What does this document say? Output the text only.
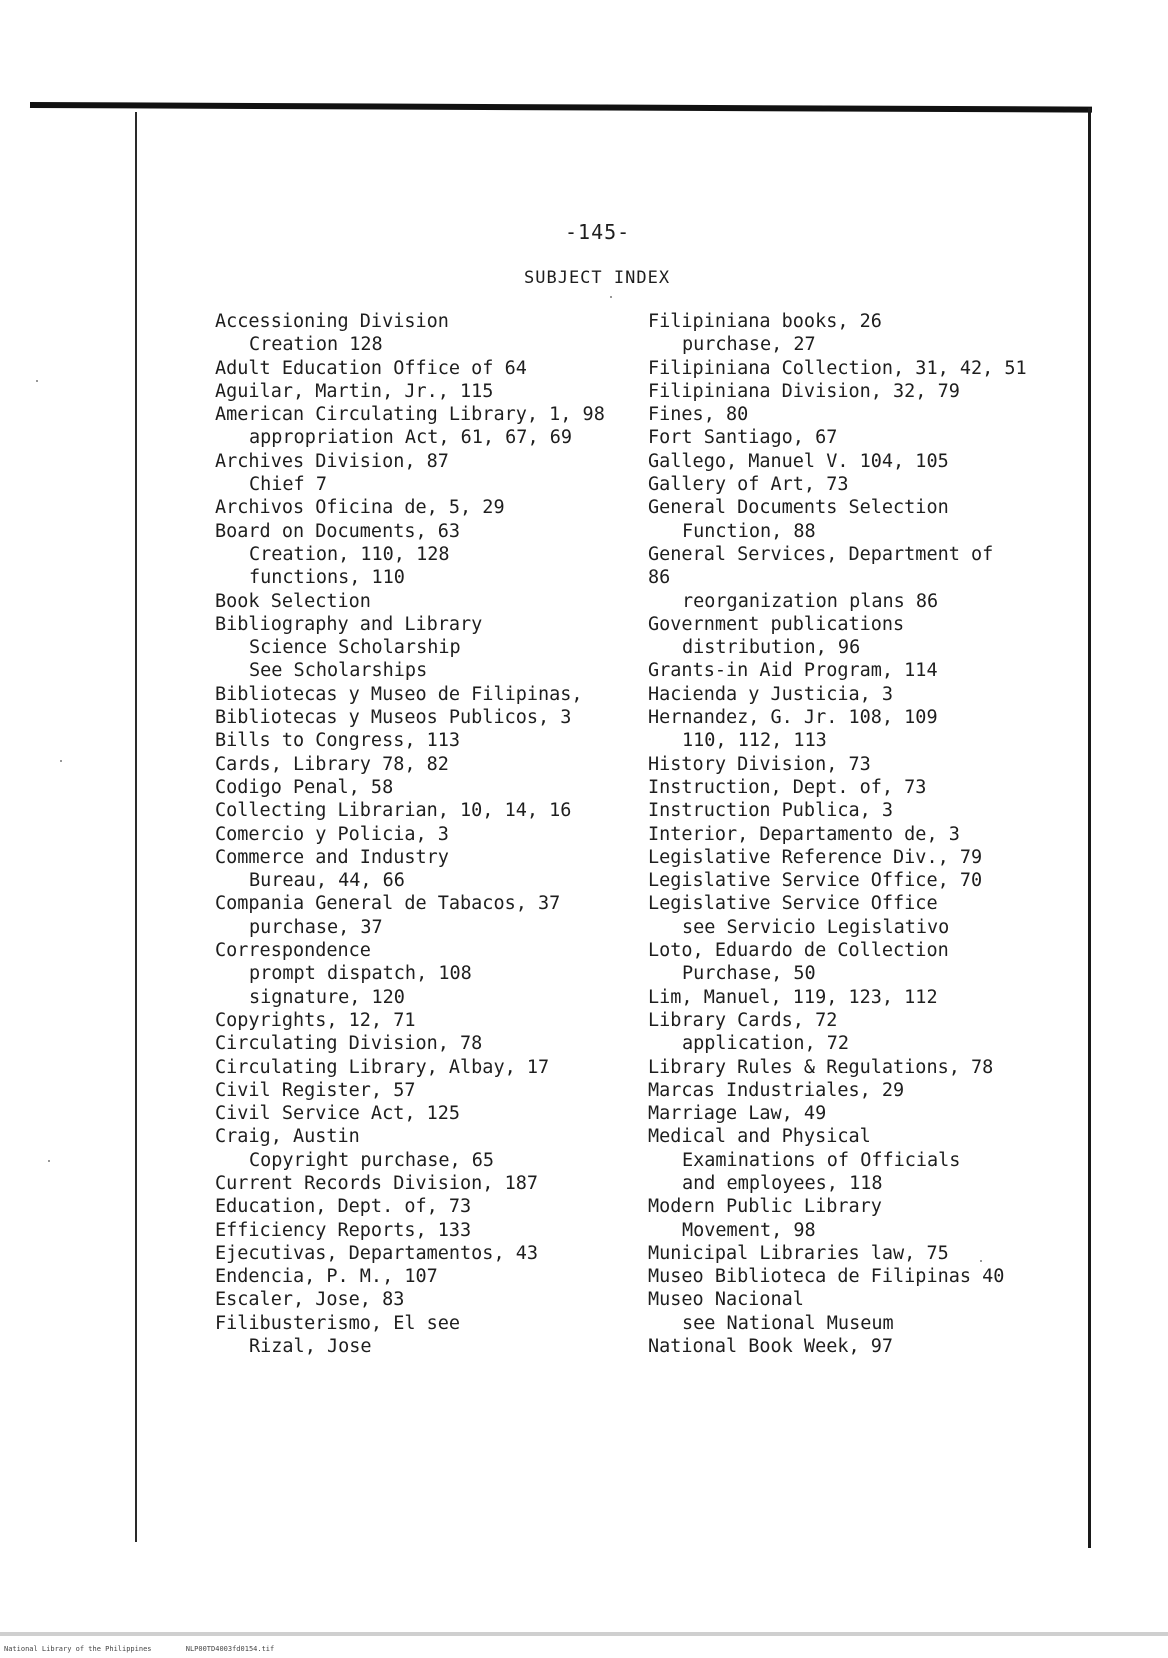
-145-
SUBJECT INDEX
Accessioning Division
Creation 128
Adult Education Office of 64
Aguilar, Martin, Jr., 115
American Circulating Library, 1, 98
appropriation Act, 61, 67, 69
Archives Division, 87
Chief 7
Archivos Oficina de, 5, 29
Board on Documents, 63
Creation, 110, 128
functions, 110
Book Selection
Bibliography and Library
Science Scholarship
See Scholarships
Bibliotecas y Museo de Filipinas,
Bibliotecas y Museos Publicos, 3
Bills to Congress, 113
Cards, Library 78, 82
Codigo Penal, 58
Collecting Librarian, 10, 14, 16
Comercio y Policia, 3
Commerce and Industry
Bureau, 44, 66
Compania General de Tabacos, 37
purchase, 37
Correspondence
prompt dispatch, 108
signature, 120
Copyrights, 12, 71
Circulating Division, 78
Circulating Library, Albay, 17
Civil Register, 57
Civil Service Act, 125
Craig, Austin
Copyright purchase, 65
Current Records Division, 187
Education, Dept. of, 73
Efficiency Reports, 133
Ejecutivas, Departamentos, 43
Endencia, P. M., 107
Escaler, Jose, 83
Filibusterismo, El see
Rizal, Jose
Filipiniana books, 26
purchase, 27
Filipiniana Collection, 31, 42, 51
Filipiniana Division, 32, 79
Fines, 80
Fort Santiago, 67
Gallego, Manuel V. 104, 105
Gallery of Art, 73
General Documents Selection
Function, 88
General Services, Department of
86
reorganization plans 86
Government publications
distribution, 96
Grants-in Aid Program, 114
Hacienda y Justicia, 3
Hernandez, G. Jr. 108, 109
110, 112, 113
History Division, 73
Instruction, Dept. of, 73
Instruction Publica, 3
Interior, Departamento de, 3
Legislative Reference Div., 79
Legislative Service Office, 70
Legislative Service Office
see Servicio Legislativo
Loto, Eduardo de Collection
Purchase, 50
Lim, Manuel, 119, 123, 112
Library Cards, 72
application, 72
Library Rules & Regulations, 78
Marcas Industriales, 29
Marriage Law, 49
Medical and Physical
Examinations of Officials
and employees, 118
Modern Public Library
Movement, 98
Municipal Libraries law, 75
Museo Biblioteca de Filipinas 40
Museo Nacional
see National Museum
National Book Week, 97
National Library of the Philippines	NLP00TD4003fd0154.tif
